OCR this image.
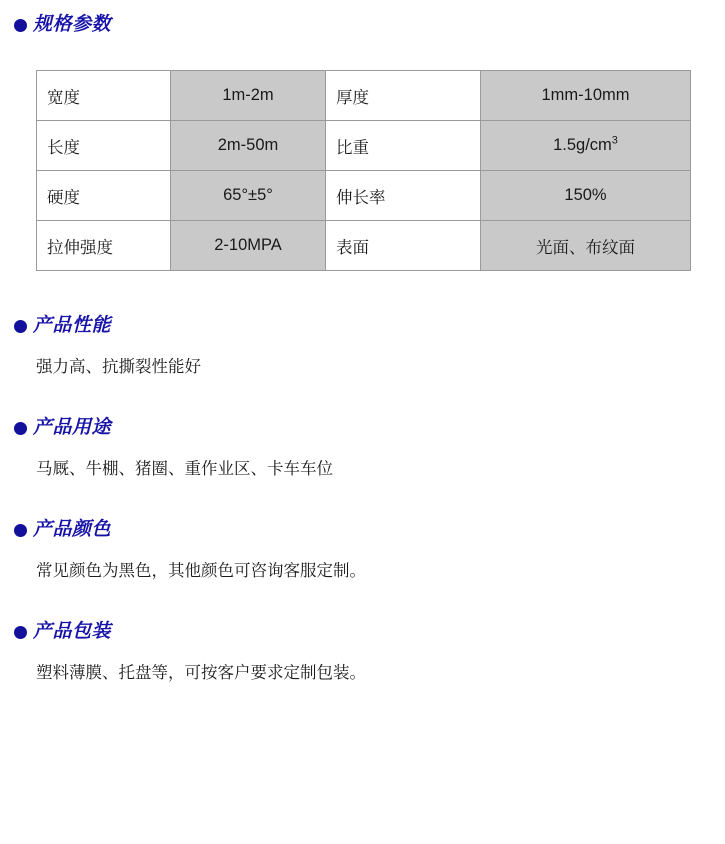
规格参数
宽度	1m-2m	厚度	1mm-10mm
长度	2m-50m	比重	$1.5g/cm^3$
硬度	65°±5°	伸长率	150%
拉伸强度	2-10MPA	表面	光面、布纹面
产品性能

强力高、抗撕裂性能好

产品用途

马厩、牛棚、猪圈、重作业区、卡车车位

产品颜色

常见颜色为黑色，其他颜色可咨询客服定制。

产品包装

塑料薄膜、托盘等，可按客户要求定制包装。
